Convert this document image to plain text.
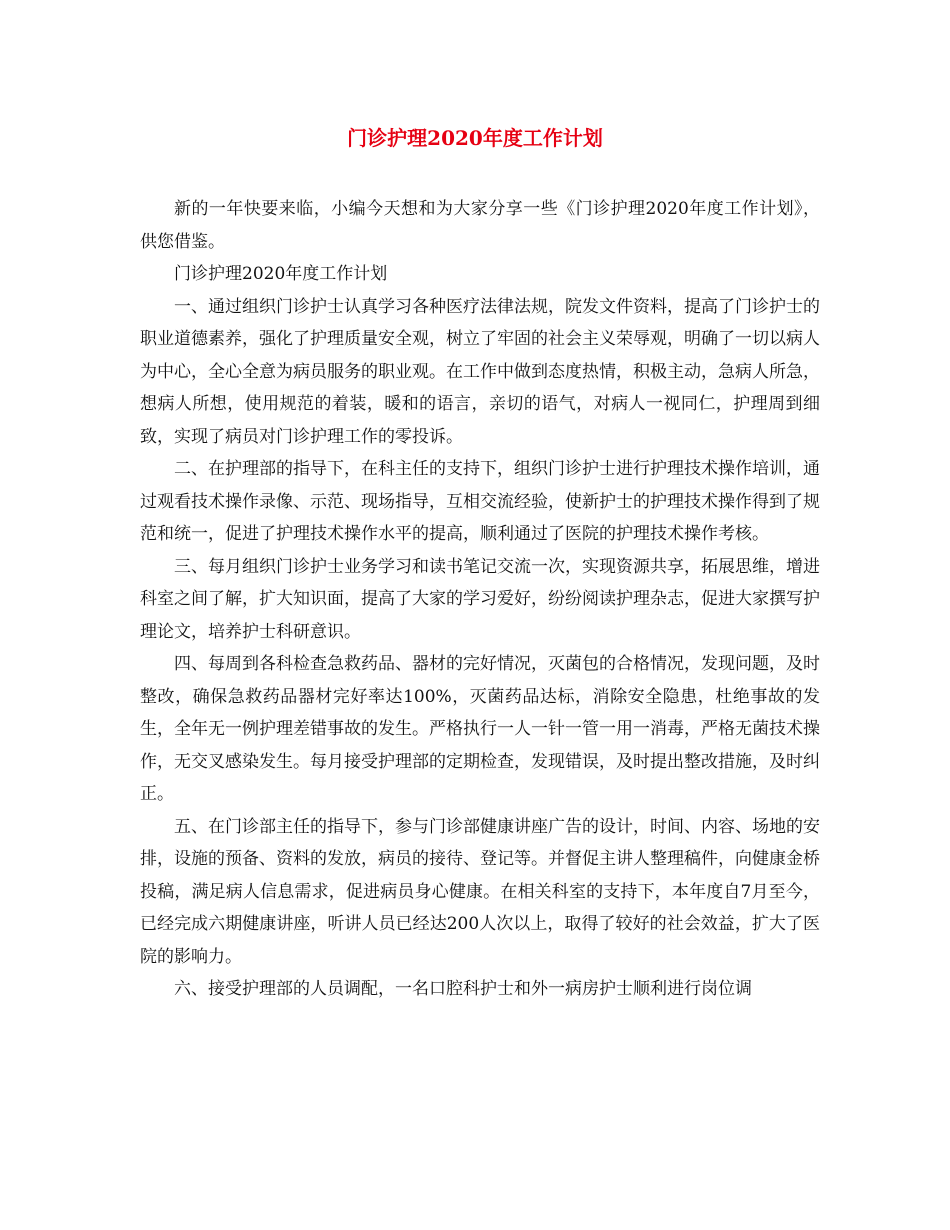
门诊护理2020年度工作计划

新的一年快要来临，小编今天想和为大家分享一些《门诊护理2020年度工作计划》，供您借鉴。

门诊护理2020年度工作计划

一、通过组织门诊护士认真学习各种医疗法律法规，院发文件资料，提高了门诊护士的职业道德素养，强化了护理质量安全观，树立了牢固的社会主义荣辱观，明确了一切以病人为中心，全心全意为病员服务的职业观。在工作中做到态度热情，积极主动，急病人所急，想病人所想，使用规范的着装，暖和的语言，亲切的语气，对病人一视同仁，护理周到细致，实现了病员对门诊护理工作的零投诉。

二、在护理部的指导下，在科主任的支持下，组织门诊护士进行护理技术操作培训，通过观看技术操作录像、示范、现场指导，互相交流经验，使新护士的护理技术操作得到了规范和统一，促进了护理技术操作水平的提高，顺利通过了医院的护理技术操作考核。

三、每月组织门诊护士业务学习和读书笔记交流一次，实现资源共享，拓展思维，增进科室之间了解，扩大知识面，提高了大家的学习爱好，纷纷阅读护理杂志，促进大家撰写护理论文，培养护士科研意识。

四、每周到各科检查急救药品、器材的完好情况，灭菌包的合格情况，发现问题，及时整改，确保急救药品器材完好率达100%，灭菌药品达标，消除安全隐患，杜绝事故的发生，全年无一例护理差错事故的发生。严格执行一人一针一管一用一消毒，严格无菌技术操作，无交叉感染发生。每月接受护理部的定期检查，发现错误，及时提出整改措施，及时纠正。

五、在门诊部主任的指导下，参与门诊部健康讲座广告的设计，时间、内容、场地的安排，设施的预备、资料的发放，病员的接待、登记等。并督促主讲人整理稿件，向健康金桥投稿，满足病人信息需求，促进病员身心健康。在相关科室的支持下，本年度自7月至今，已经完成六期健康讲座，听讲人员已经达200人次以上，取得了较好的社会效益，扩大了医院的影响力。

六、接受护理部的人员调配，一名口腔科护士和外一病房护士顺利进行岗位调
